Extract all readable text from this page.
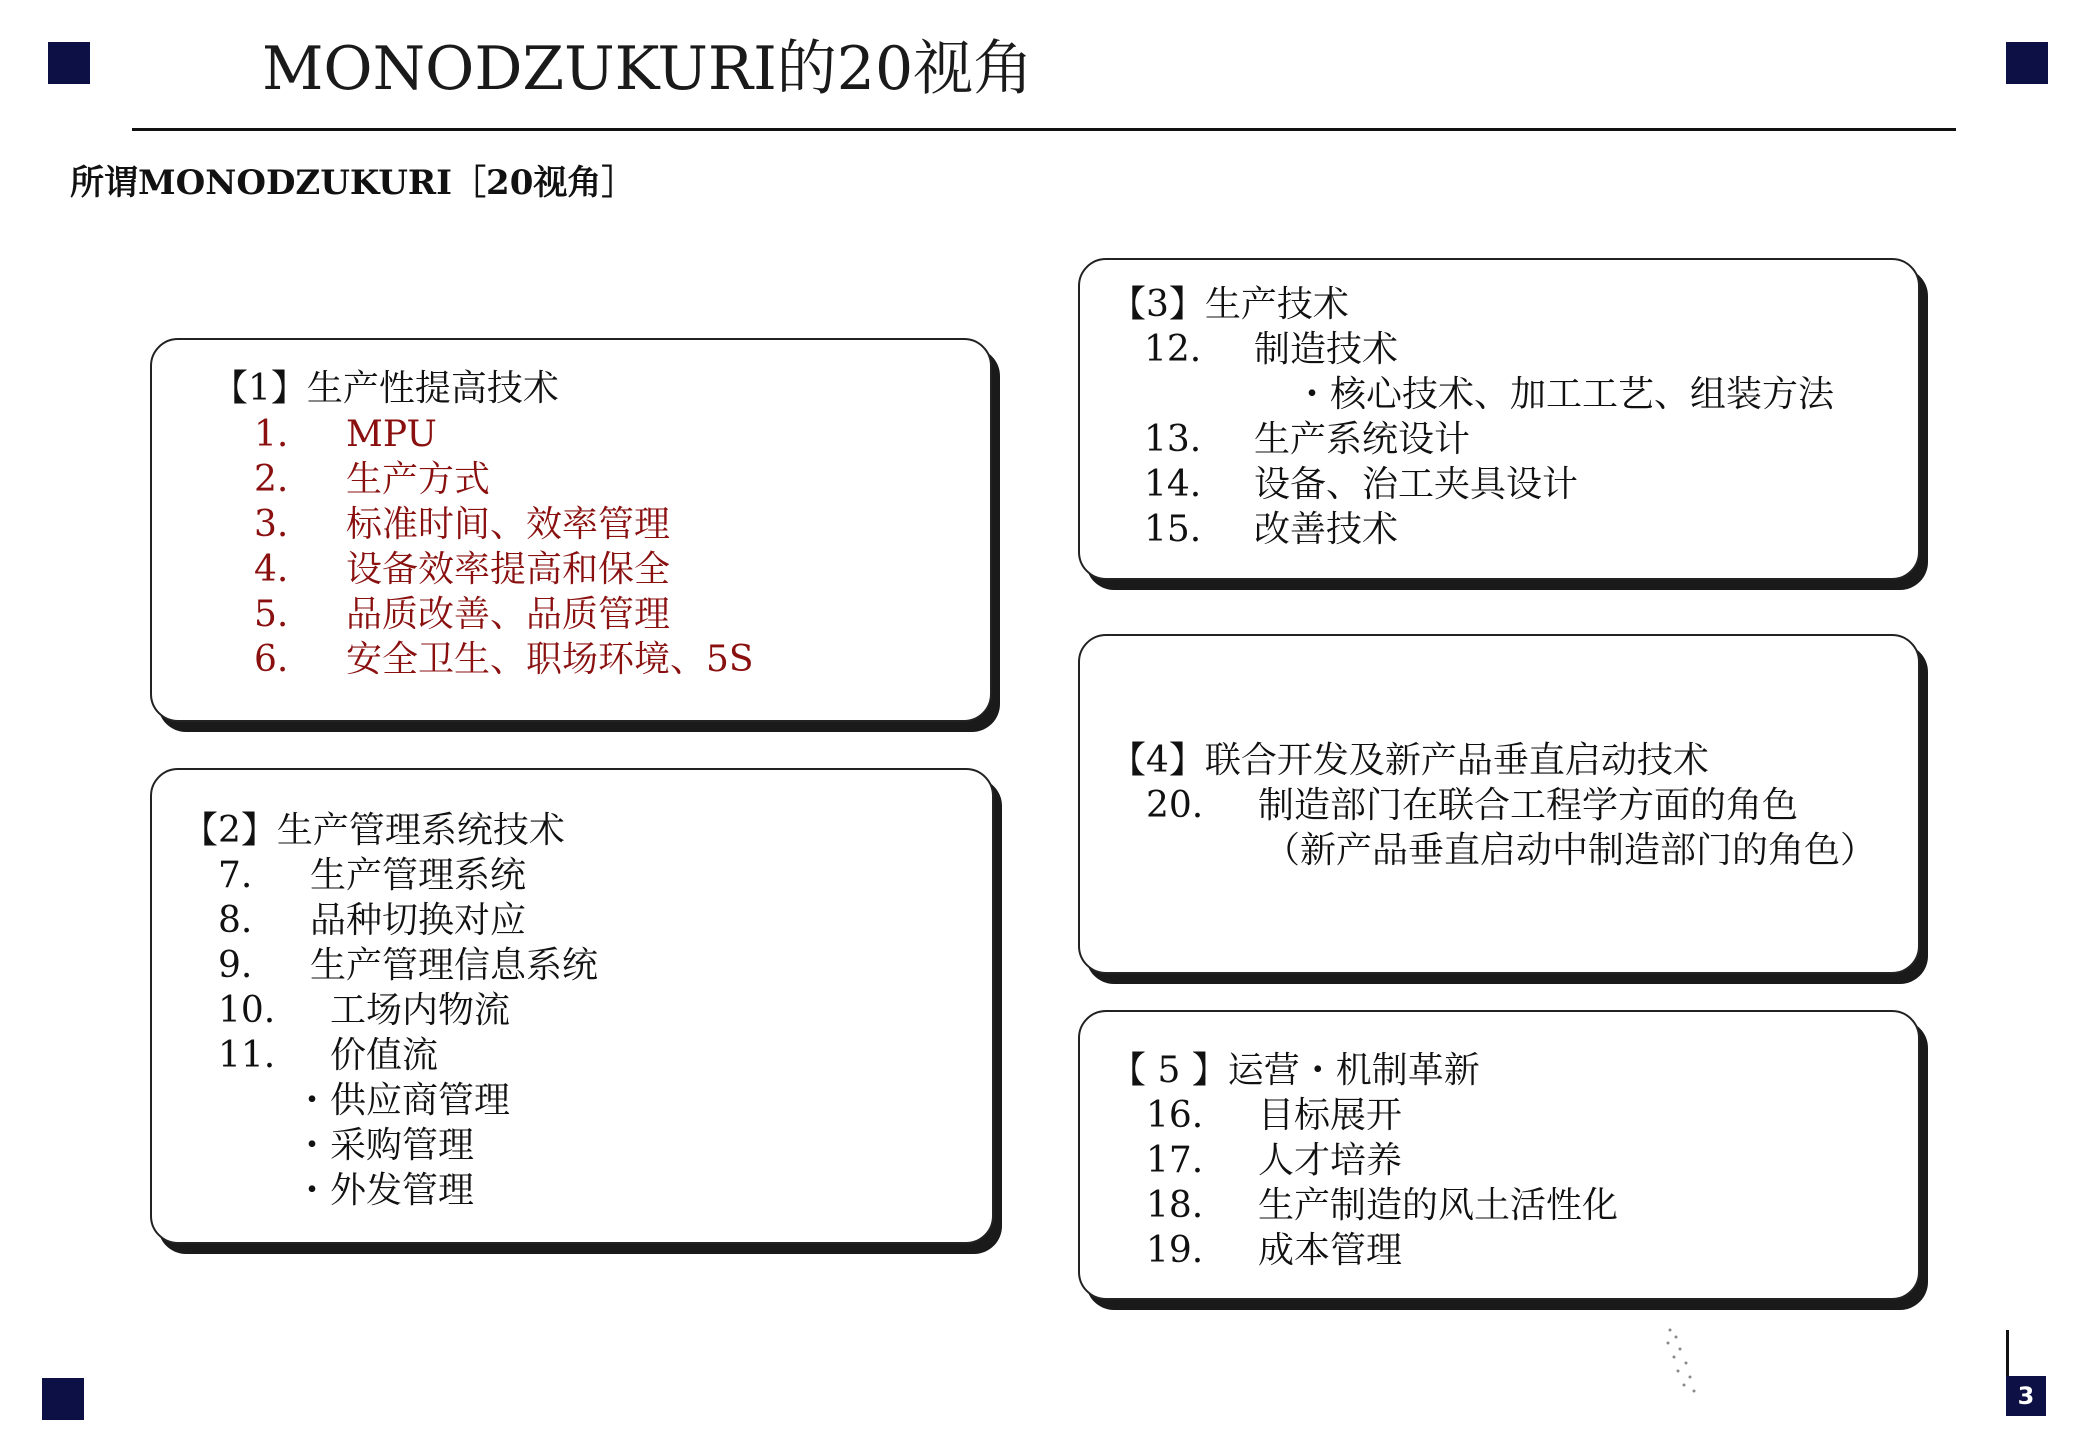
MONODZUKURI的20视角
所谓MONODZUKURI［20视角］
【1】生产性提高技术
1. MPU
2. 生产方式
3. 标准时间、效率管理
4. 设备效率提高和保全
5. 品质改善、品质管理
6. 安全卫生、职场环境、5S
【2】生产管理系统技术
7. 生产管理系统
8. 品种切换对应
9. 生产管理信息系统
10. 工场内物流
11. 价值流
・供应商管理
・采购管理
・外发管理
【3】生产技术
12. 制造技术
・核心技术、加工工艺、组装方法
13. 生产系统设计
14. 设备、治工夹具设计
15. 改善技术
【4】联合开发及新产品垂直启动技术
20. 制造部门在联合工程学方面的角色
（新产品垂直启动中制造部门的角色）
【 5 】运营・机制革新
16. 目标展开
17. 人才培养
18. 生产制造的风土活性化
19. 成本管理
3
